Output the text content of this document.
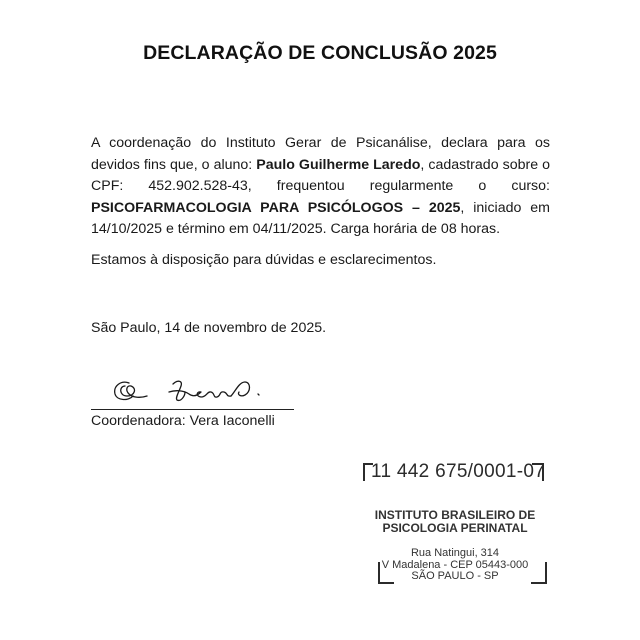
DECLARAÇÃO DE CONCLUSÃO 2025
A coordenação do Instituto Gerar de Psicanálise, declara para os devidos fins que, o aluno: Paulo Guilherme Laredo, cadastrado sobre o CPF: 452.902.528-43, frequentou regularmente o curso: PSICOFARMACOLOGIA PARA PSICÓLOGOS – 2025, iniciado em 14/10/2025 e término em 04/11/2025. Carga horária de 08 horas.
Estamos à disposição para dúvidas e esclarecimentos.
São Paulo, 14 de novembro de 2025.
Coordenadora: Vera Iaconelli
11 442 675/0001-07
INSTITUTO BRASILEIRO DE
PSICOLOGIA PERINATAL
Rua Natingui, 314
V Madalena - CEP 05443-000
SÃO PAULO - SP
